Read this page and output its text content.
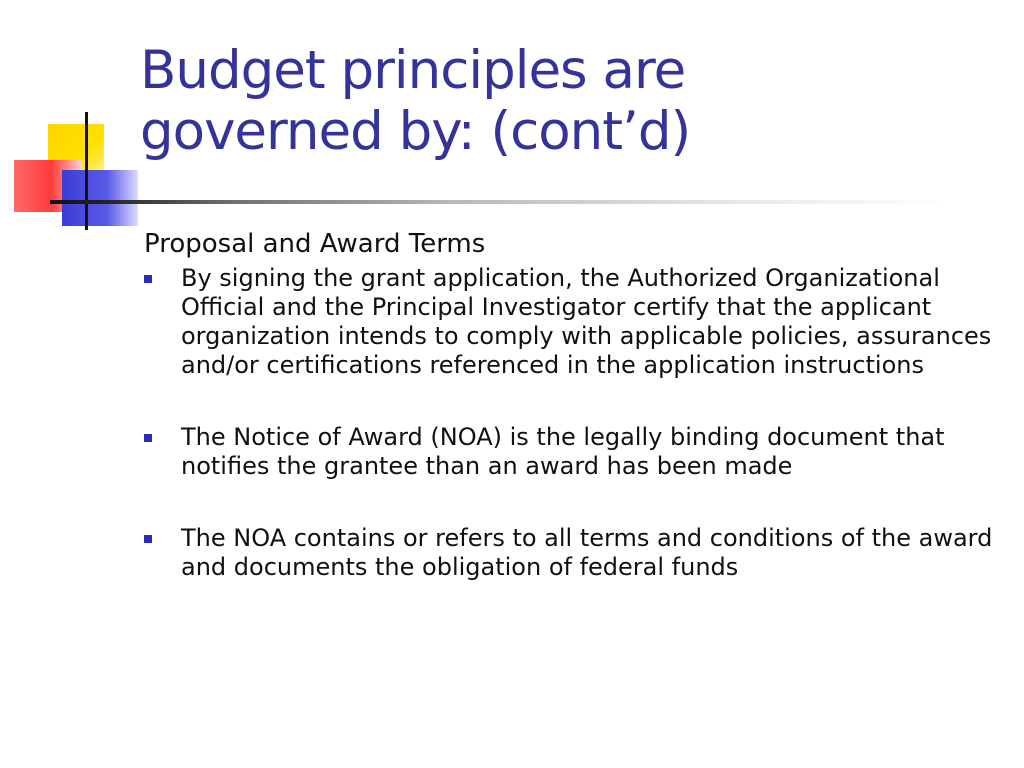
Budget principles are
governed by: (cont’d)
Proposal and Award Terms
By signing the grant application, the Authorized Organizational Official and the Principal Investigator certify that the applicant organization intends to comply with applicable policies, assurances and/or certifications referenced in the application instructions
The Notice of Award (NOA) is the legally binding document that notifies the grantee than an award has been made
The NOA contains or refers to all terms and conditions of the award and documents the obligation of federal funds
